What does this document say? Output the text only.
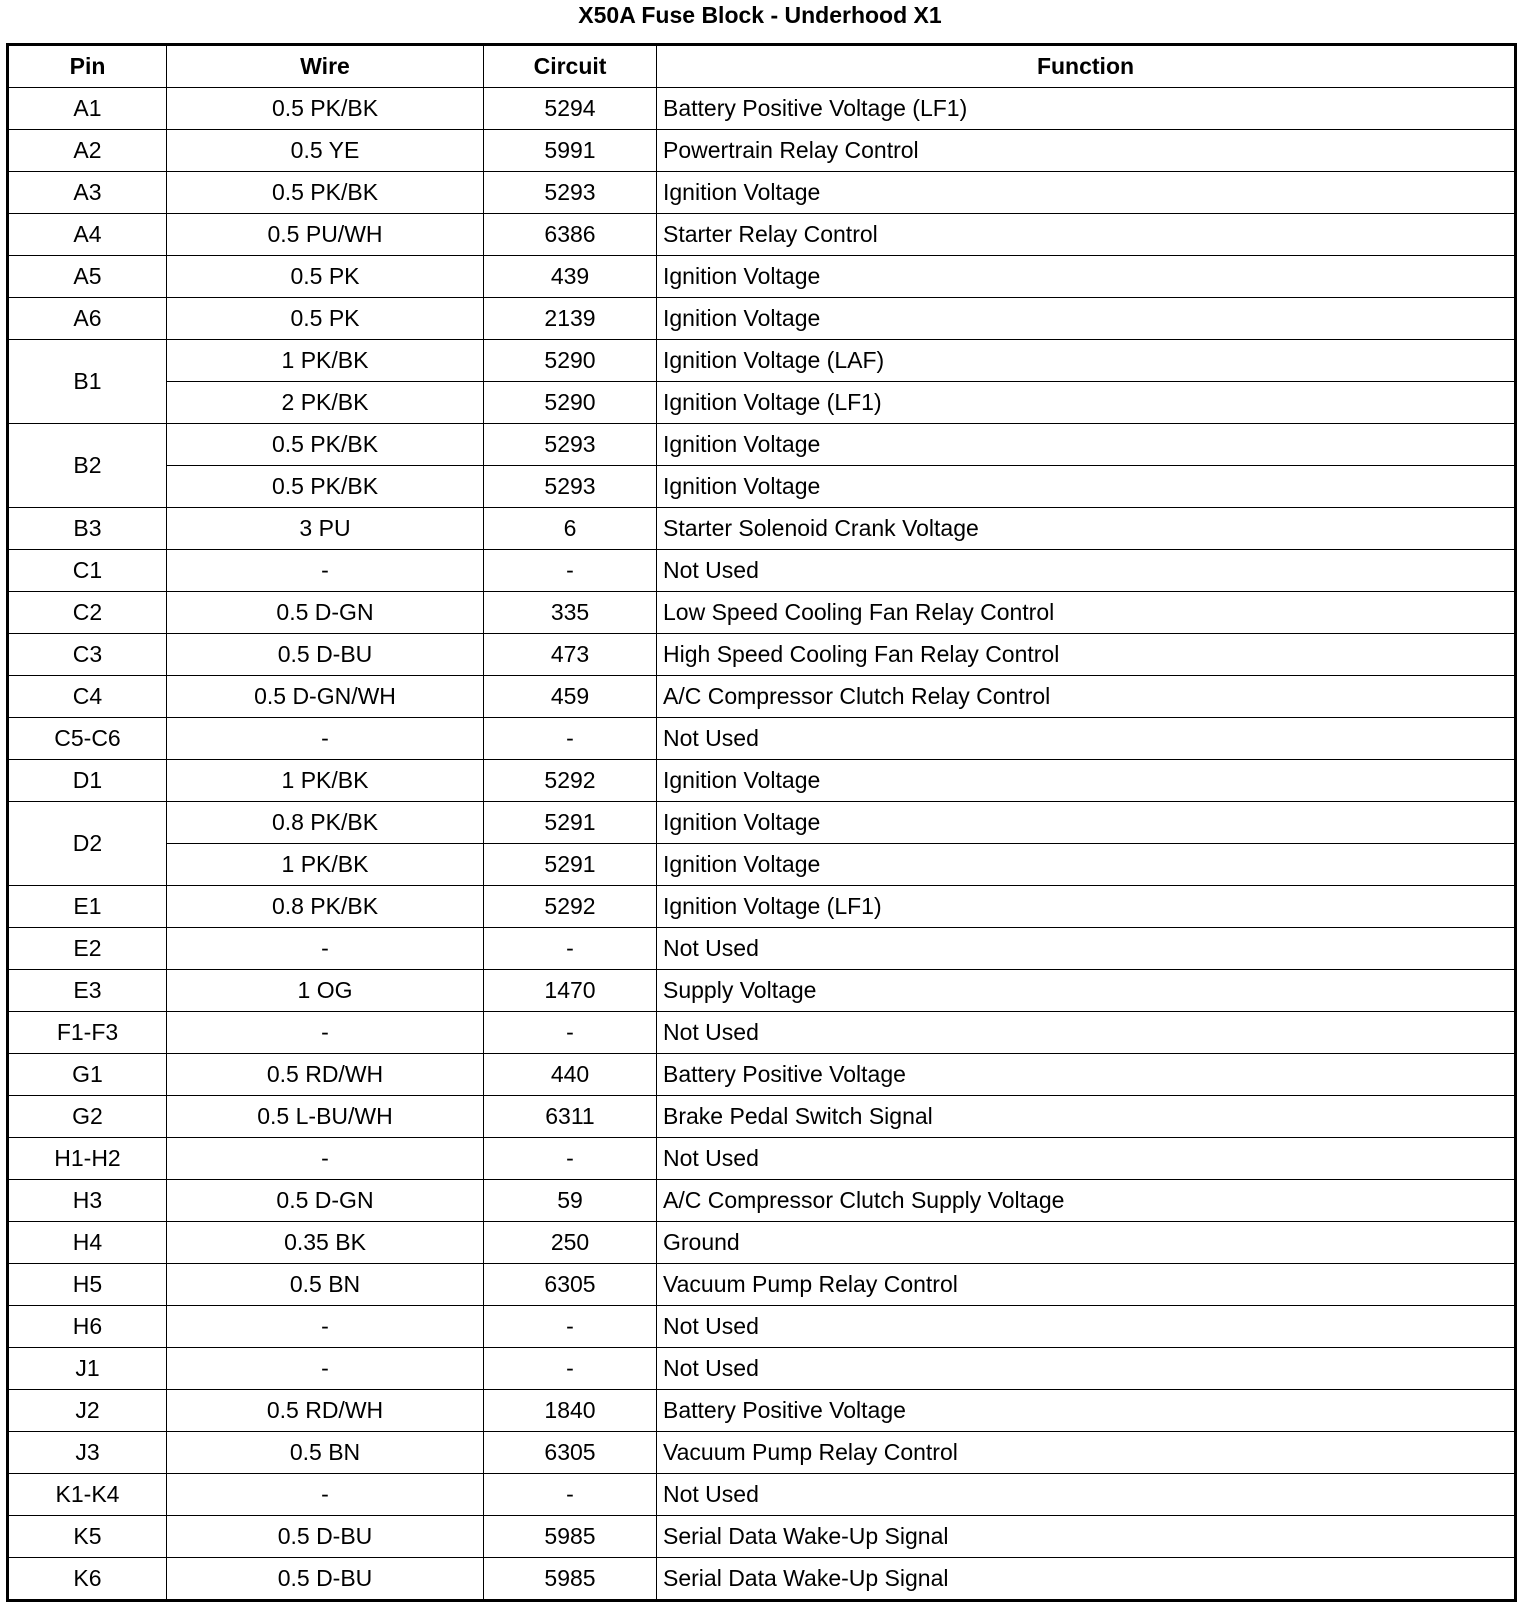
X50A Fuse Block - Underhood X1
Pin	Wire	Circuit	Function
A1	0.5 PK/BK	5294	Battery Positive Voltage (LF1)
A2	0.5 YE	5991	Powertrain Relay Control
A3	0.5 PK/BK	5293	Ignition Voltage
A4	0.5 PU/WH	6386	Starter Relay Control
A5	0.5 PK	439	Ignition Voltage
A6	0.5 PK	2139	Ignition Voltage
B1	1 PK/BK	5290	Ignition Voltage (LAF)
	2 PK/BK	5290	Ignition Voltage (LF1)
B2	0.5 PK/BK	5293	Ignition Voltage
	0.5 PK/BK	5293	Ignition Voltage
B3	3 PU	6	Starter Solenoid Crank Voltage
C1	-	-	Not Used
C2	0.5 D-GN	335	Low Speed Cooling Fan Relay Control
C3	0.5 D-BU	473	High Speed Cooling Fan Relay Control
C4	0.5 D-GN/WH	459	A/C Compressor Clutch Relay Control
C5-C6	-	-	Not Used
D1	1 PK/BK	5292	Ignition Voltage
D2	0.8 PK/BK	5291	Ignition Voltage
	1 PK/BK	5291	Ignition Voltage
E1	0.8 PK/BK	5292	Ignition Voltage (LF1)
E2	-	-	Not Used
E3	1 OG	1470	Supply Voltage
F1-F3	-	-	Not Used
G1	0.5 RD/WH	440	Battery Positive Voltage
G2	0.5 L-BU/WH	6311	Brake Pedal Switch Signal
H1-H2	-	-	Not Used
H3	0.5 D-GN	59	A/C Compressor Clutch Supply Voltage
H4	0.35 BK	250	Ground
H5	0.5 BN	6305	Vacuum Pump Relay Control
H6	-	-	Not Used
J1	-	-	Not Used
J2	0.5 RD/WH	1840	Battery Positive Voltage
J3	0.5 BN	6305	Vacuum Pump Relay Control
K1-K4	-	-	Not Used
K5	0.5 D-BU	5985	Serial Data Wake-Up Signal
K6	0.5 D-BU	5985	Serial Data Wake-Up Signal
